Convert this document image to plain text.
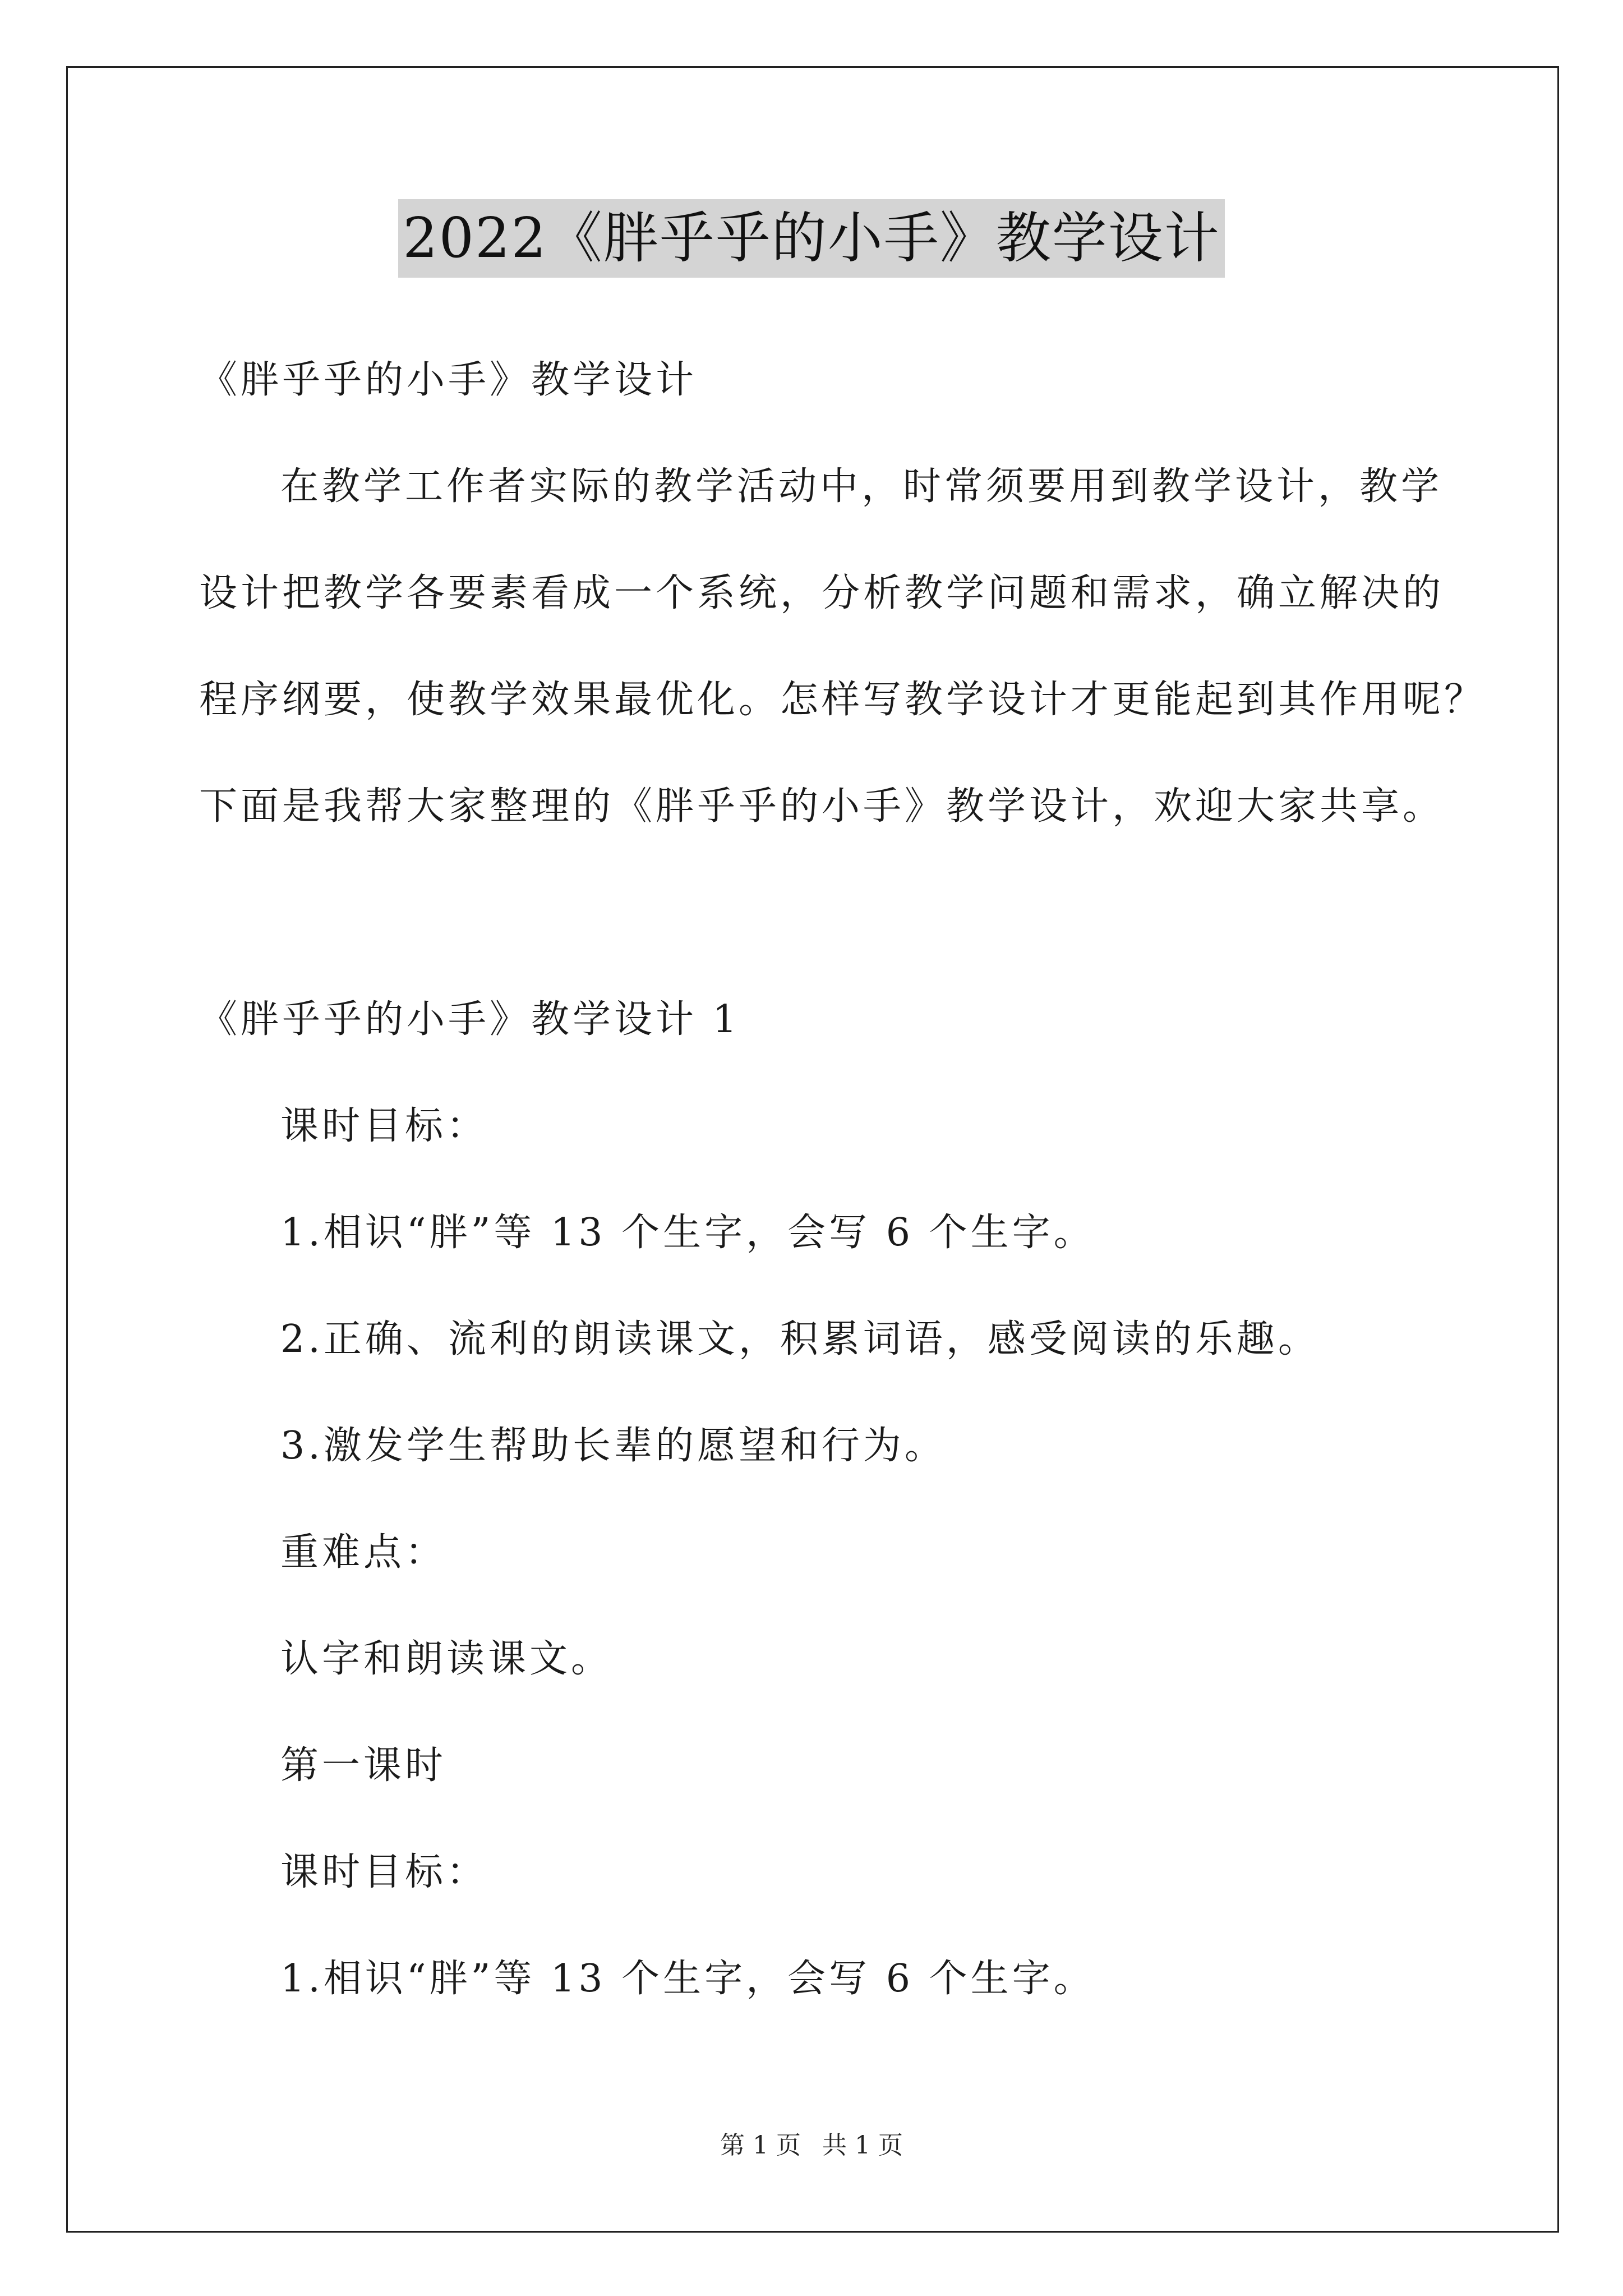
2022《胖乎乎的小手》教学设计
《胖乎乎的小手》教学设计
在教学工作者实际的教学活动中，时常须要用到教学设计，教学
设计把教学各要素看成一个系统，分析教学问题和需求，确立解决的
程序纲要，使教学效果最优化。怎样写教学设计才更能起到其作用呢？
下面是我帮大家整理的《胖乎乎的小手》教学设计，欢迎大家共享。
《胖乎乎的小手》教学设计 1
课时目标：
1.相识“胖”等 13 个生字，会写 6 个生字。
2.正确、流利的朗读课文，积累词语，感受阅读的乐趣。
3.激发学生帮助长辈的愿望和行为。
重难点：
认字和朗读课文。
第一课时
课时目标：
1.相识“胖”等 13 个生字，会写 6 个生字。
第 1 页 共 1 页
